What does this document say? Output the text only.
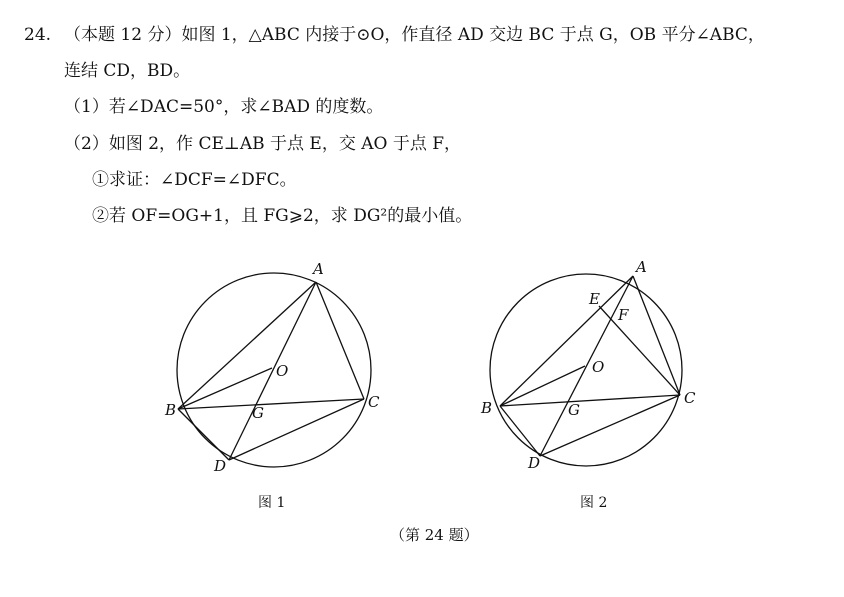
24. （本题 12 分）如图 1，△ABC 内接于⊙O，作直径 AD 交边 BC 于点 G，OB 平分∠ABC，
连结 CD，BD。
（1）若∠DAC=50°，求∠BAD 的度数。
（2）如图 2，作 CE⊥AB 于点 E，交 AO 于点 F，
①求证：∠DCF=∠DFC。
②若 OF=OG+1，且 FG⩾2，求 DG²的最小值。
A
B	C
D
O
G
A
B
C
D
O
G
E
F
图 1	图 2
（第 24 题）
